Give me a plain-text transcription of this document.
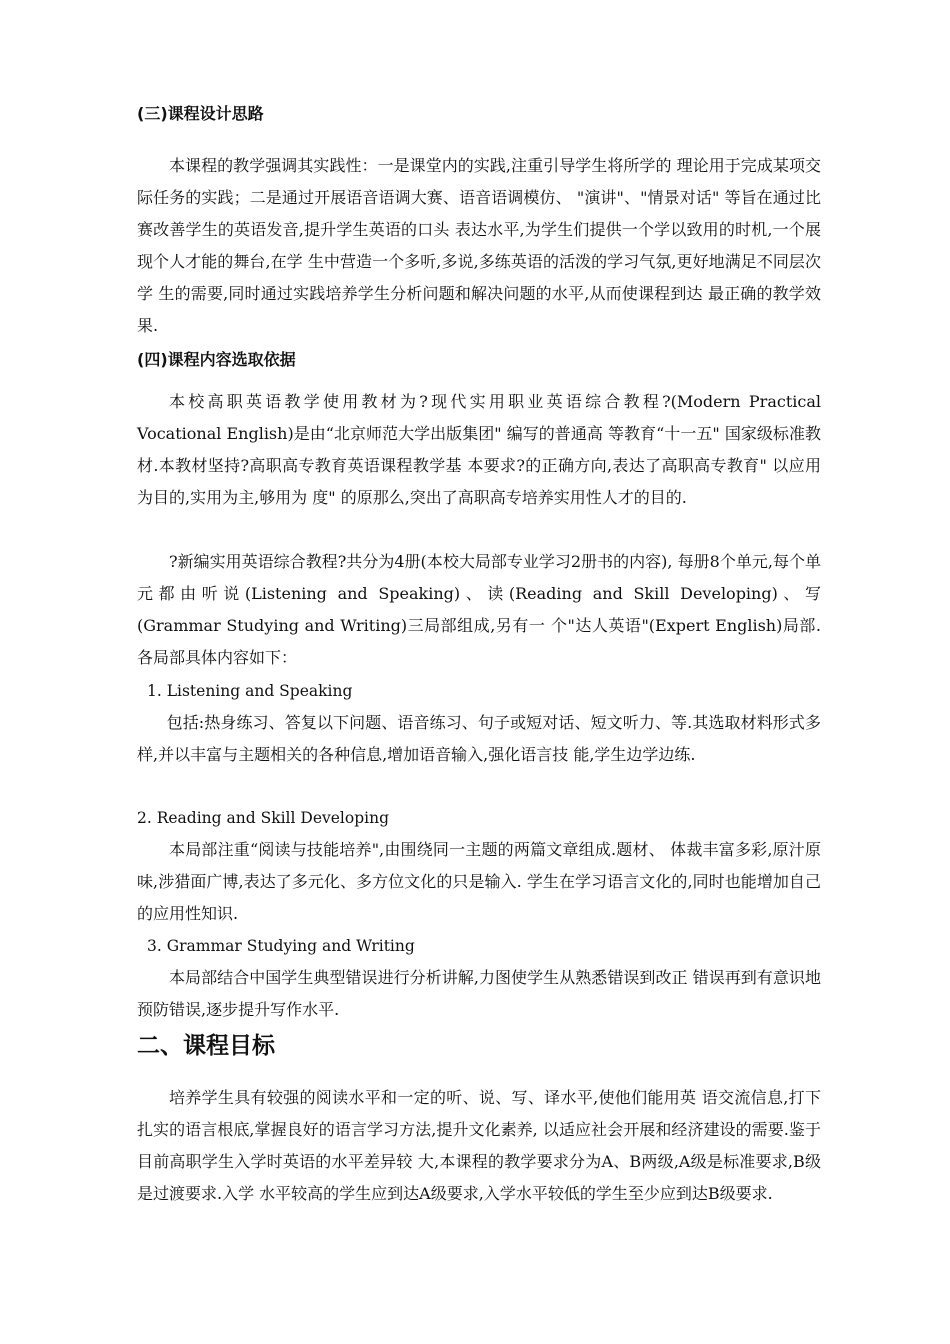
(三)课程设计思路
本课程的教学强调其实践性：一是课堂内的实践,注重引导学生将所学的 理论用于完成某项交际任务的实践；二是通过开展语音语调大赛、语音语调模仿、 "演讲"、"情景对话" 等旨在通过比赛改善学生的英语发音,提升学生英语的口头 表达水平,为学生们提供一个学以致用的时机,一个展现个人才能的舞台,在学 生中营造一个多听,多说,多练英语的活泼的学习气氛,更好地满足不同层次学 生的需要,同时通过实践培养学生分析问题和解决问题的水平,从而使课程到达 最正确的教学效果.
(四)课程内容选取依据
本校高职英语教学使用教材为?现代实用职业英语综合教程?(Modern Practical Vocational English)是由“北京师范大学出版集团" 编写的普通高 等教育“十一五" 国家级标准教材.本教材坚持?高职高专教育英语课程教学基 本要求?的正确方向,表达了高职高专教育" 以应用为目的,实用为主,够用为 度" 的原那么,突出了高职高专培养实用性人才的目的.
?新编实用英语综合教程?共分为4册(本校大局部专业学习2册书的内容), 每册8个单元,每个单元都由听说(Listening and Speaking)、读(Reading and Skill Developing)、写(Grammar Studying and Writing)三局部组成,另有一 个"达人英语"(Expert English)局部.各局部具体内容如下：
1. Listening and Speaking
包括:热身练习、答复以下问题、语音练习、句子或短对话、短文听力、等.其选取材料形式多样,并以丰富与主题相关的各种信息,增加语音输入,强化语言技 能,学生边学边练.
2. Reading and Skill Developing
本局部注重“阅读与技能培养",由围绕同一主题的两篇文章组成.题材、 体裁丰富多彩,原汁原味,涉猎面广博,表达了多元化、多方位文化的只是输入. 学生在学习语言文化的,同时也能增加自己的应用性知识.
3. Grammar Studying and Writing
本局部结合中国学生典型错误进行分析讲解,力图使学生从熟悉错误到改正 错误再到有意识地预防错误,逐步提升写作水平.
二、课程目标
培养学生具有较强的阅读水平和一定的听、说、写、译水平,使他们能用英 语交流信息,打下扎实的语言根底,掌握良好的语言学习方法,提升文化素养, 以适应社会开展和经济建设的需要.鉴于目前高职学生入学时英语的水平差异较 大,本课程的教学要求分为A、B两级,A级是标准要求,B级是过渡要求.入学 水平较高的学生应到达A级要求,入学水平较低的学生至少应到达B级要求.
